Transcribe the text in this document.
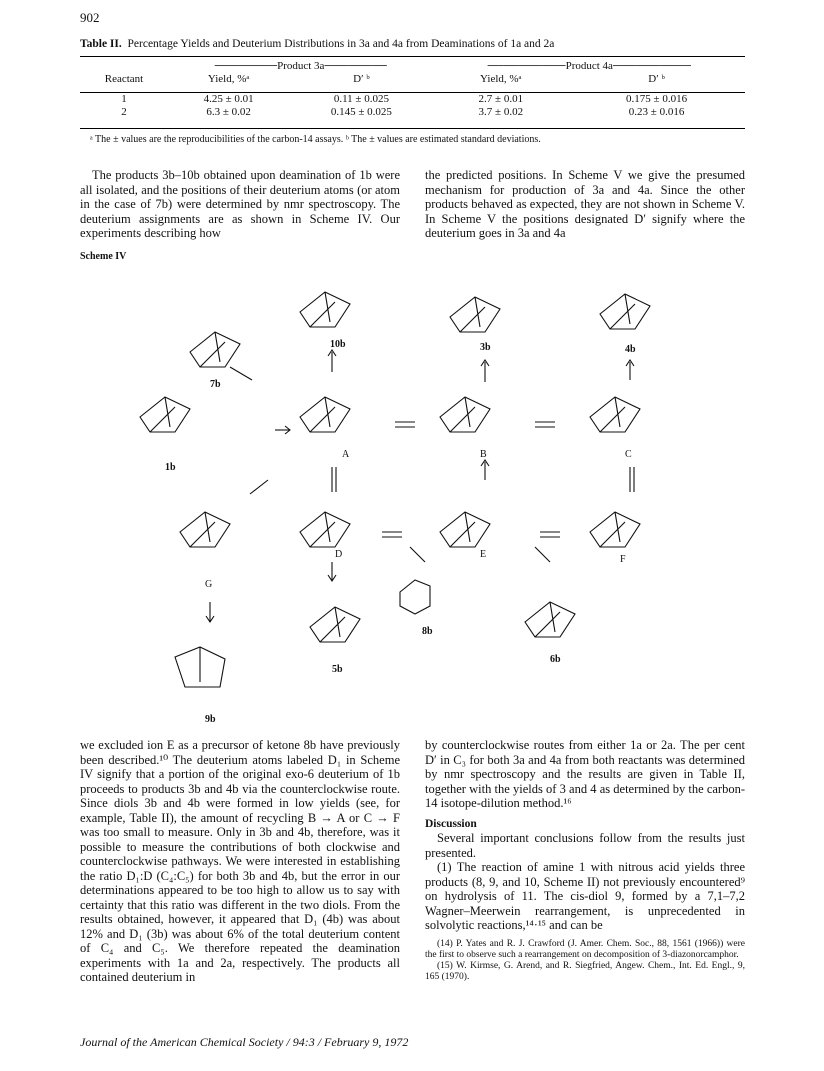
902
Table II. Percentage Yields and Deuterium Distributions in 3a and 4a from Deaminations of 1a and 2a
	────────Product 3a────────		──────────Product 4a──────────	
Reactant	Yield, %ᵃ	D′ ᵇ	Yield, %ᵃ	D′ ᵇ

1	4.25 ± 0.01	0.11 ± 0.025	2.7 ± 0.01	0.175 ± 0.016
2	6.3 ± 0.02	0.145 ± 0.025	3.7 ± 0.02	0.23 ± 0.016
ᵃ The ± values are the reproducibilities of the carbon-14 assays. ᵇ The ± values are estimated standard deviations.

The products 3b–10b obtained upon deamination of 1b were all isolated, and the positions of their deuterium atoms (or atom in the case of 7b) were determined by nmr spectroscopy. The deuterium assignments are as shown in Scheme IV. Our experiments describing how

the predicted positions. In Scheme V we give the presumed mechanism for production of 3a and 4a. Since the other products behaved as expected, they are not shown in Scheme V. In Scheme V the positions designated D′ signify where the deuterium goes in 3a and 4a

Scheme IV
7b
10b	3b	4b
1b
A	B	C
D	E	F
G
5b
8b
6b
9b

we excluded ion E as a precursor of ketone 8b have previously been described.¹⁰ The deuterium atoms labeled D₁ in Scheme IV signify that a portion of the original exo-6 deuterium of 1b proceeds to products 3b and 4b via the counterclockwise route. Since diols 3b and 4b were formed in low yields (see, for example, Table II), the amount of recycling B → A or C → F was too small to measure. Only in 3b and 4b, therefore, was it possible to measure the contributions of both clockwise and counterclockwise pathways. We were interested in establishing the ratio D₁:D (C₄:C₅) for both 3b and 4b, but the error in our determinations appeared to be too high to allow us to say with certainty that this ratio was different in the two diols. From the results obtained, however, it appeared that D₁ (4b) was about 12% and D₁ (3b) was about 6% of the total deuterium content of C₄ and C₅. We therefore repeated the deamination experiments with 1a and 2a, respectively. The products all contained deuterium in

by counterclockwise routes from either 1a or 2a. The per cent D′ in C₃ for both 3a and 4a from both reactants was determined by nmr spectroscopy and the results are given in Table II, together with the yields of 3 and 4 as determined by the carbon-14 isotope-dilution method.¹⁶

Discussion

Several important conclusions follow from the results just presented.

(1) The reaction of amine 1 with nitrous acid yields three products (8, 9, and 10, Scheme II) not previously encountered⁹ on hydrolysis of 11. The cis-diol 9, formed by a 7,1–7,2 Wagner–Meerwein rearrangement, is unprecedented in solvolytic reactions,¹⁴·¹⁵ and can be

(14) P. Yates and R. J. Crawford (J. Amer. Chem. Soc., 88, 1561 (1966)) were the first to observe such a rearrangement on decomposition of 3-diazonorcamphor.

(15) W. Kirmse, G. Arend, and R. Siegfried, Angew. Chem., Int. Ed. Engl., 9, 165 (1970).

Journal of the American Chemical Society / 94:3 / February 9, 1972
